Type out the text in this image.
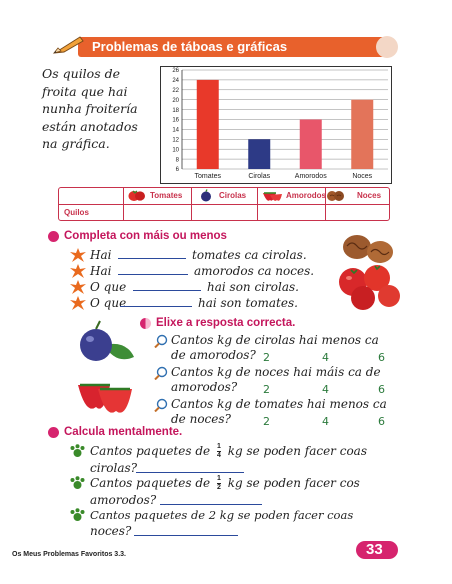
Problemas de táboas e gráficas
Os quilos de
froita que hai
nunha froitería
están anotados
na gráfica.
6
8
10
12
14
16
18
20
22
24
26
Tomates	Cirolas	Amorodos	Noces
Tomates	Cirolas	Amorodos	Noces
Quilos
Completa con máis ou menos
Hai	tomates ca cirolas.
Hai	amorodos ca noces.
O que	hai son cirolas.
O que	hai son tomates.
Elixe a resposta correcta.
Cantos kg de cirolas hai menos ca
de amorodos? 2	4	6
Cantos kg de noces hai máis ca de
amorodos? 2	4	6
Cantos kg de tomates hai menos ca
de noces?	2	4	6
Calcula mentalmente.
Cantos paquetes de $\frac{1}{4}$ kg se poden facer coas
cirolas?
Cantos paquetes de $\frac{1}{2}$ kg se poden facer cos
amorodos?
Cantos paquetes de 2 kg se poden facer coas
noces?
Os Meus Problemas Favoritos 3.3.	33
